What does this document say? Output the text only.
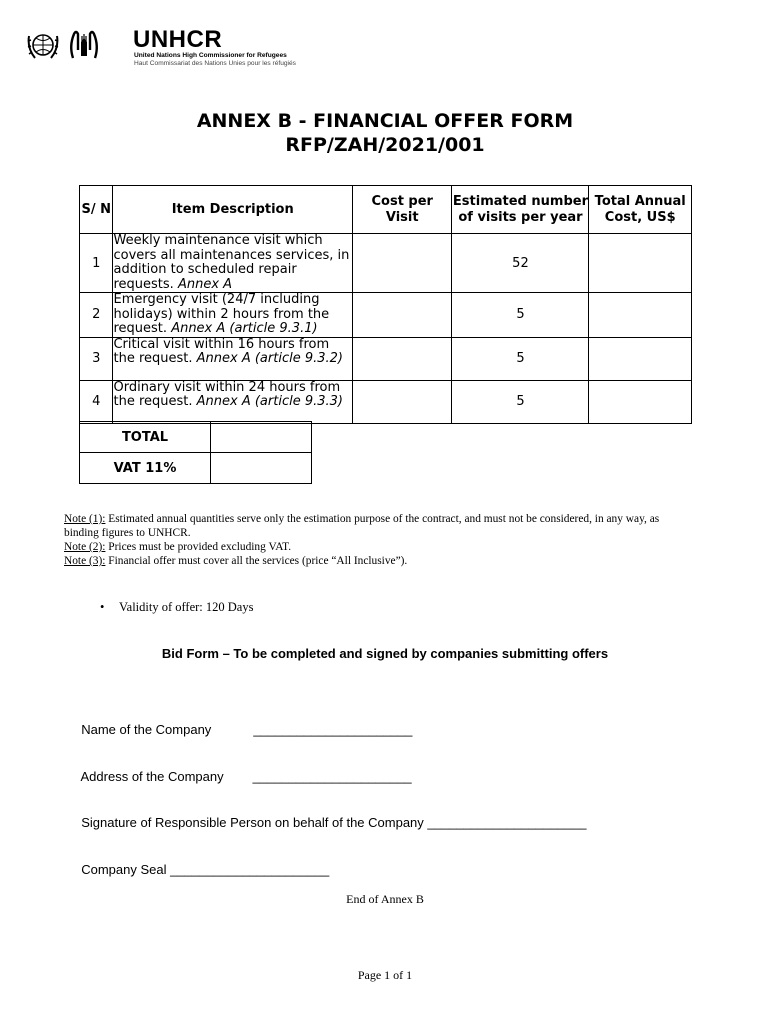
UNHCR
United Nations High Commissioner for Refugees
Haut Commissariat des Nations Unies pour les réfugiés
ANNEX B - FINANCIAL OFFER FORM
RFP/ZAH/2021/001
S/ N	Item Description	Cost per Visit	Estimated number of visits per year	Total Annual Cost, US$
1	Weekly maintenance visit which covers all maintenances services, in addition to scheduled repair requests. Annex A		52	
2	Emergency visit (24/7 including holidays) within 2 hours from the request. Annex A (article 9.3.1)		5	
3	Critical visit within 16 hours from the request. Annex A (article 9.3.2)		5	
4	Ordinary visit within 24 hours from the request. Annex A (article 9.3.3)		5	
TOTAL	
VAT 11%	
Note (1): Estimated annual quantities serve only the estimation purpose of the contract, and must not be considered, in any way, as binding figures to UNHCR.
Note (2): Prices must be provided excluding VAT.
Note (3): Financial offer must cover all the services (price “All Inclusive”).
• Validity of offer: 120 Days
Bid Form – To be completed and signed by companies submitting offers

Name of the Company	______________________

Address of the Company ______________________

Signature of Responsible Person on behalf of the Company ______________________

Company Seal ______________________

End of Annex B
Page 1 of 1
